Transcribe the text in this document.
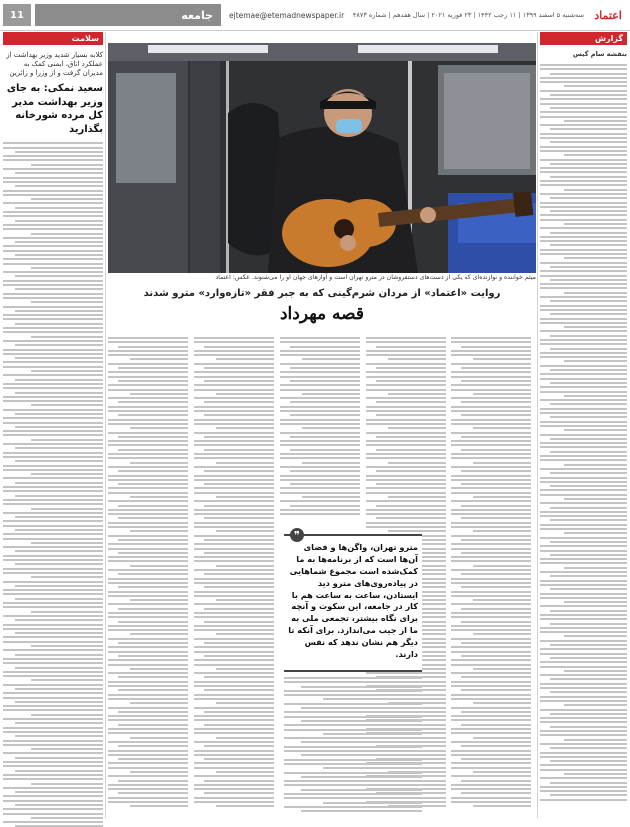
11	جامعه	ejtemae@etemadnewspaper.ir سه‌شنبه ۵ اسفند ۱۳۹۹ | ۱۱ رجب ۱۴۴۲ | ۲۳ فوریه ۲۰۲۱ | سال هفدهم | شماره ۴۸۷۳ اعتماد
سلامت
کلابه بسیار شدید وزیر بهداشت از عملکرد اتاق، ایمنی کمک به مدیران گرفت و از وزرا و زائرین
سعید نمکی: به جای وزیر بهداشت مدیر کل مرده شورخانه بگذارید
میثم خواننده و نوازنده‌ای که یکی از دست‌های دستفروشان در مترو تهران است و آوازهای جهان او را می‌شنوند. عکس: اعتماد
روایت «اعتماد» از مردان شرم‌گینی که به جبر فقر «تازه‌وارد» مترو شدند
قصه مهرداد
❞
مترو تهران، واگن‌ها و فضای آن‌ها است که از برنامه‌ها به ما کمک‌شده است مجموع شماهایی در پیاده‌روی‌های مترو دید ایستادن، ساعت به ساعت هم با کار در جامعه، این سکوت و آنچه برای نگاه بیشتر، تجمعی ملی به ما از جیب می‌اندازد. برای آنکه تا دیگر هم نشان ندهد که نفس دارند.
گزارش
بنفشه سام گیس
